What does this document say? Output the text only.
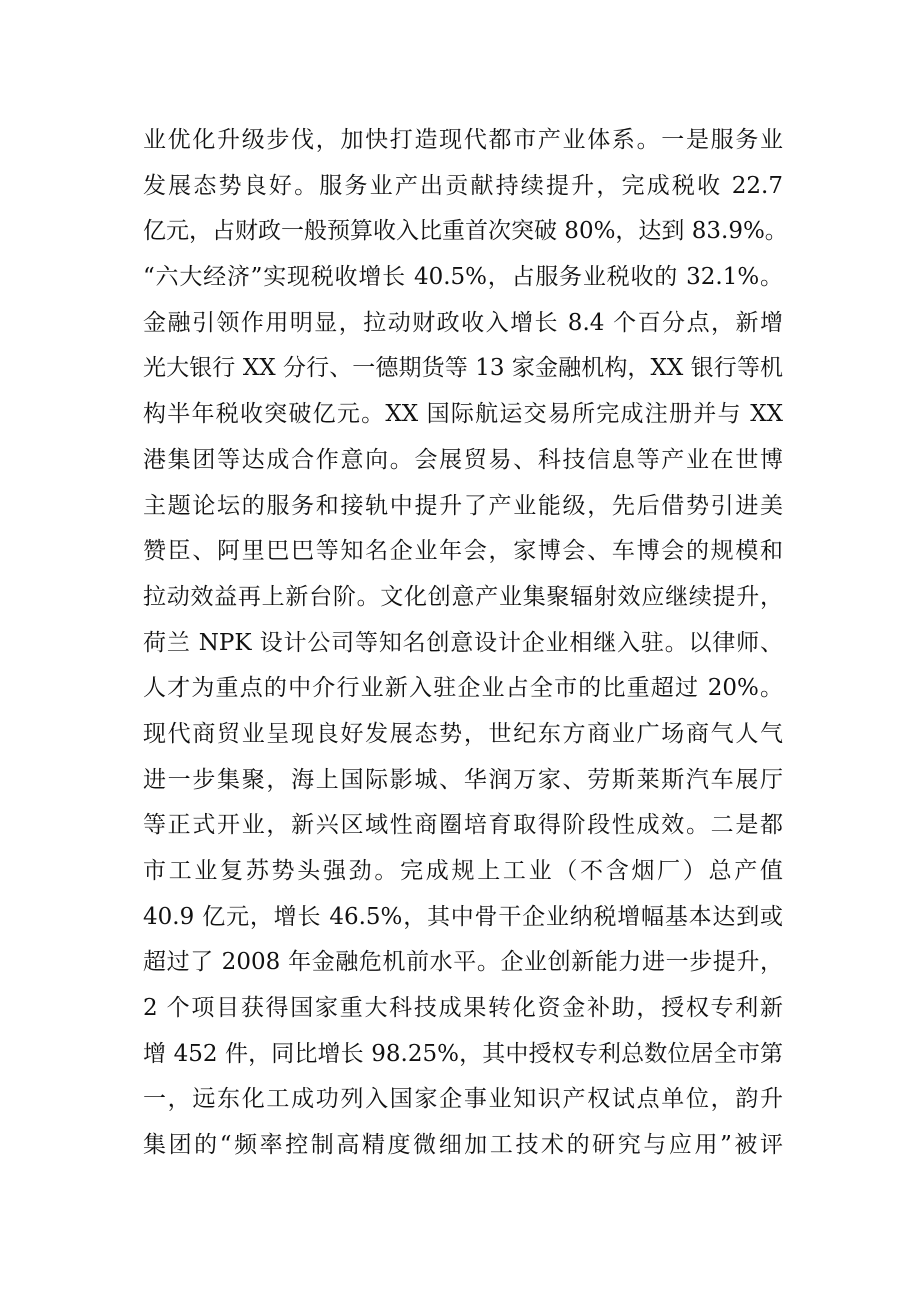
业优化升级步伐，加快打造现代都市产业体系。一是服务业
发展态势良好。服务业产出贡献持续提升，完成税收 22.7
亿元，占财政一般预算收入比重首次突破 80%，达到 83.9%。
“六大经济”实现税收增长 40.5%，占服务业税收的 32.1%。
金融引领作用明显，拉动财政收入增长 8.4 个百分点，新增
光大银行 XX 分行、一德期货等 13 家金融机构，XX 银行等机
构半年税收突破亿元。XX 国际航运交易所完成注册并与 XX
港集团等达成合作意向。会展贸易、科技信息等产业在世博
主题论坛的服务和接轨中提升了产业能级，先后借势引进美
赞臣、阿里巴巴等知名企业年会，家博会、车博会的规模和
拉动效益再上新台阶。文化创意产业集聚辐射效应继续提升，
荷兰 NPK 设计公司等知名创意设计企业相继入驻。以律师、
人才为重点的中介行业新入驻企业占全市的比重超过 20%。
现代商贸业呈现良好发展态势，世纪东方商业广场商气人气
进一步集聚，海上国际影城、华润万家、劳斯莱斯汽车展厅
等正式开业，新兴区域性商圈培育取得阶段性成效。二是都
市工业复苏势头强劲。完成规上工业（不含烟厂）总产值
40.9 亿元，增长 46.5%，其中骨干企业纳税增幅基本达到或
超过了 2008 年金融危机前水平。企业创新能力进一步提升，
2 个项目获得国家重大科技成果转化资金补助，授权专利新
增 452 件，同比增长 98.25%，其中授权专利总数位居全市第
一，远东化工成功列入国家企事业知识产权试点单位，韵升
集团的“频率控制高精度微细加工技术的研究与应用”被评
